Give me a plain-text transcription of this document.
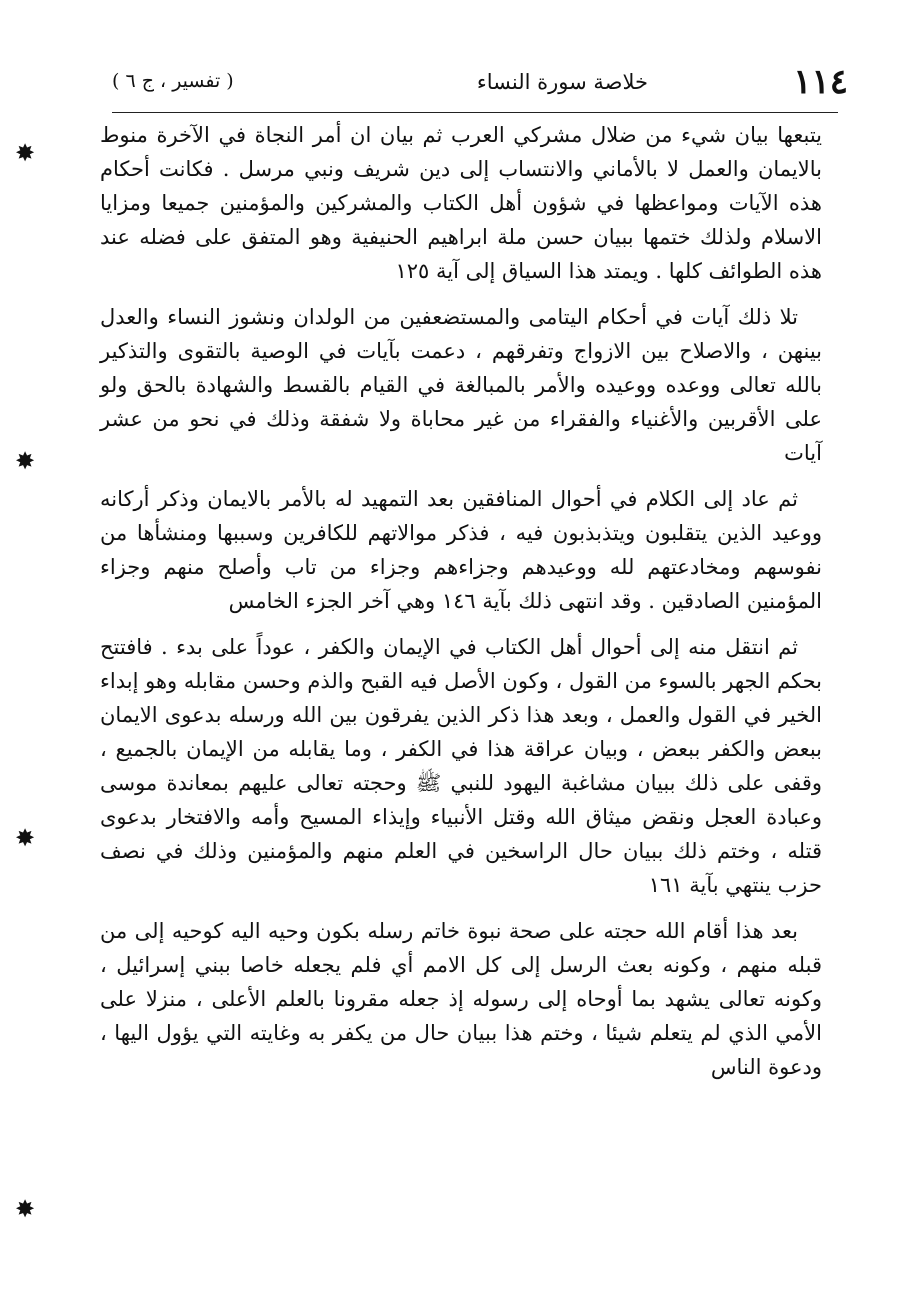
١١٤
خلاصة سورة النساء
( تفسير ، ج ٦ )

يتبعها بيان شيء من ضلال مشركي العرب ثم بيان ان أمر النجاة في الآخرة منوط بالايمان والعمل لا بالأماني والانتساب إلى دين شريف ونبي مرسل . فكانت أحكام هذه الآيات ومواعظها في شؤون أهل الكتاب والمشركين والمؤمنين جميعا ومزايا الاسلام ولذلك ختمها ببيان حسن ملة ابراهيم الحنيفية وهو المتفق على فضله عند هذه الطوائف كلها . ويمتد هذا السياق إلى آية ١٢٥

تلا ذلك آيات في أحكام اليتامى والمستضعفين من الولدان ونشوز النساء والعدل بينهن ، والاصلاح بين الازواج وتفرقهم ، دعمت بآيات في الوصية بالتقوى والتذكير بالله تعالى ووعده ووعيده والأمر بالمبالغة في القيام بالقسط والشهادة بالحق ولو على الأقربين والأغنياء والفقراء من غير محاباة ولا شفقة وذلك في نحو من عشر آيات

ثم عاد إلى الكلام في أحوال المنافقين بعد التمهيد له بالأمر بالايمان وذكر أركانه ووعيد الذين يتقلبون ويتذبذبون فيه ، فذكر موالاتهم للكافرين وسببها ومنشأها من نفوسهم ومخادعتهم لله ووعيدهم وجزاءهم وجزاء من تاب وأصلح منهم وجزاء المؤمنين الصادقين . وقد انتهى ذلك بآية ١٤٦ وهي آخر الجزء الخامس

ثم انتقل منه إلى أحوال أهل الكتاب في الإيمان والكفر ، عوداً على بدء . فافتتح بحكم الجهر بالسوء من القول ، وكون الأصل فيه القبح والذم وحسن مقابله وهو إبداء الخير في القول والعمل ، وبعد هذا ذكر الذين يفرقون بين الله ورسله بدعوى الايمان ببعض والكفر ببعض ، وبيان عراقة هذا في الكفر ، وما يقابله من الإيمان بالجميع ، وقفى على ذلك ببيان مشاغبة اليهود للنبي ﷺ وحجته تعالى عليهم بمعاندة موسى وعبادة العجل ونقض ميثاق الله وقتل الأنبياء وإيذاء المسيح وأمه والافتخار بدعوى قتله ، وختم ذلك ببيان حال الراسخين في العلم منهم والمؤمنين وذلك في نصف حزب ينتهي بآية ١٦١

بعد هذا أقام الله حجته على صحة نبوة خاتم رسله بكون وحيه اليه كوحيه إلى من قبله منهم ، وكونه بعث الرسل إلى كل الامم أي فلم يجعله خاصا ببني إسرائيل ، وكونه تعالى يشهد بما أوحاه إلى رسوله إذ جعله مقرونا بالعلم الأعلى ، منزلا على الأمي الذي لم يتعلم شيئا ، وختم هذا ببيان حال من يكفر به وغايته التي يؤول اليها ، ودعوة الناس

✸
✸
✸
✸
